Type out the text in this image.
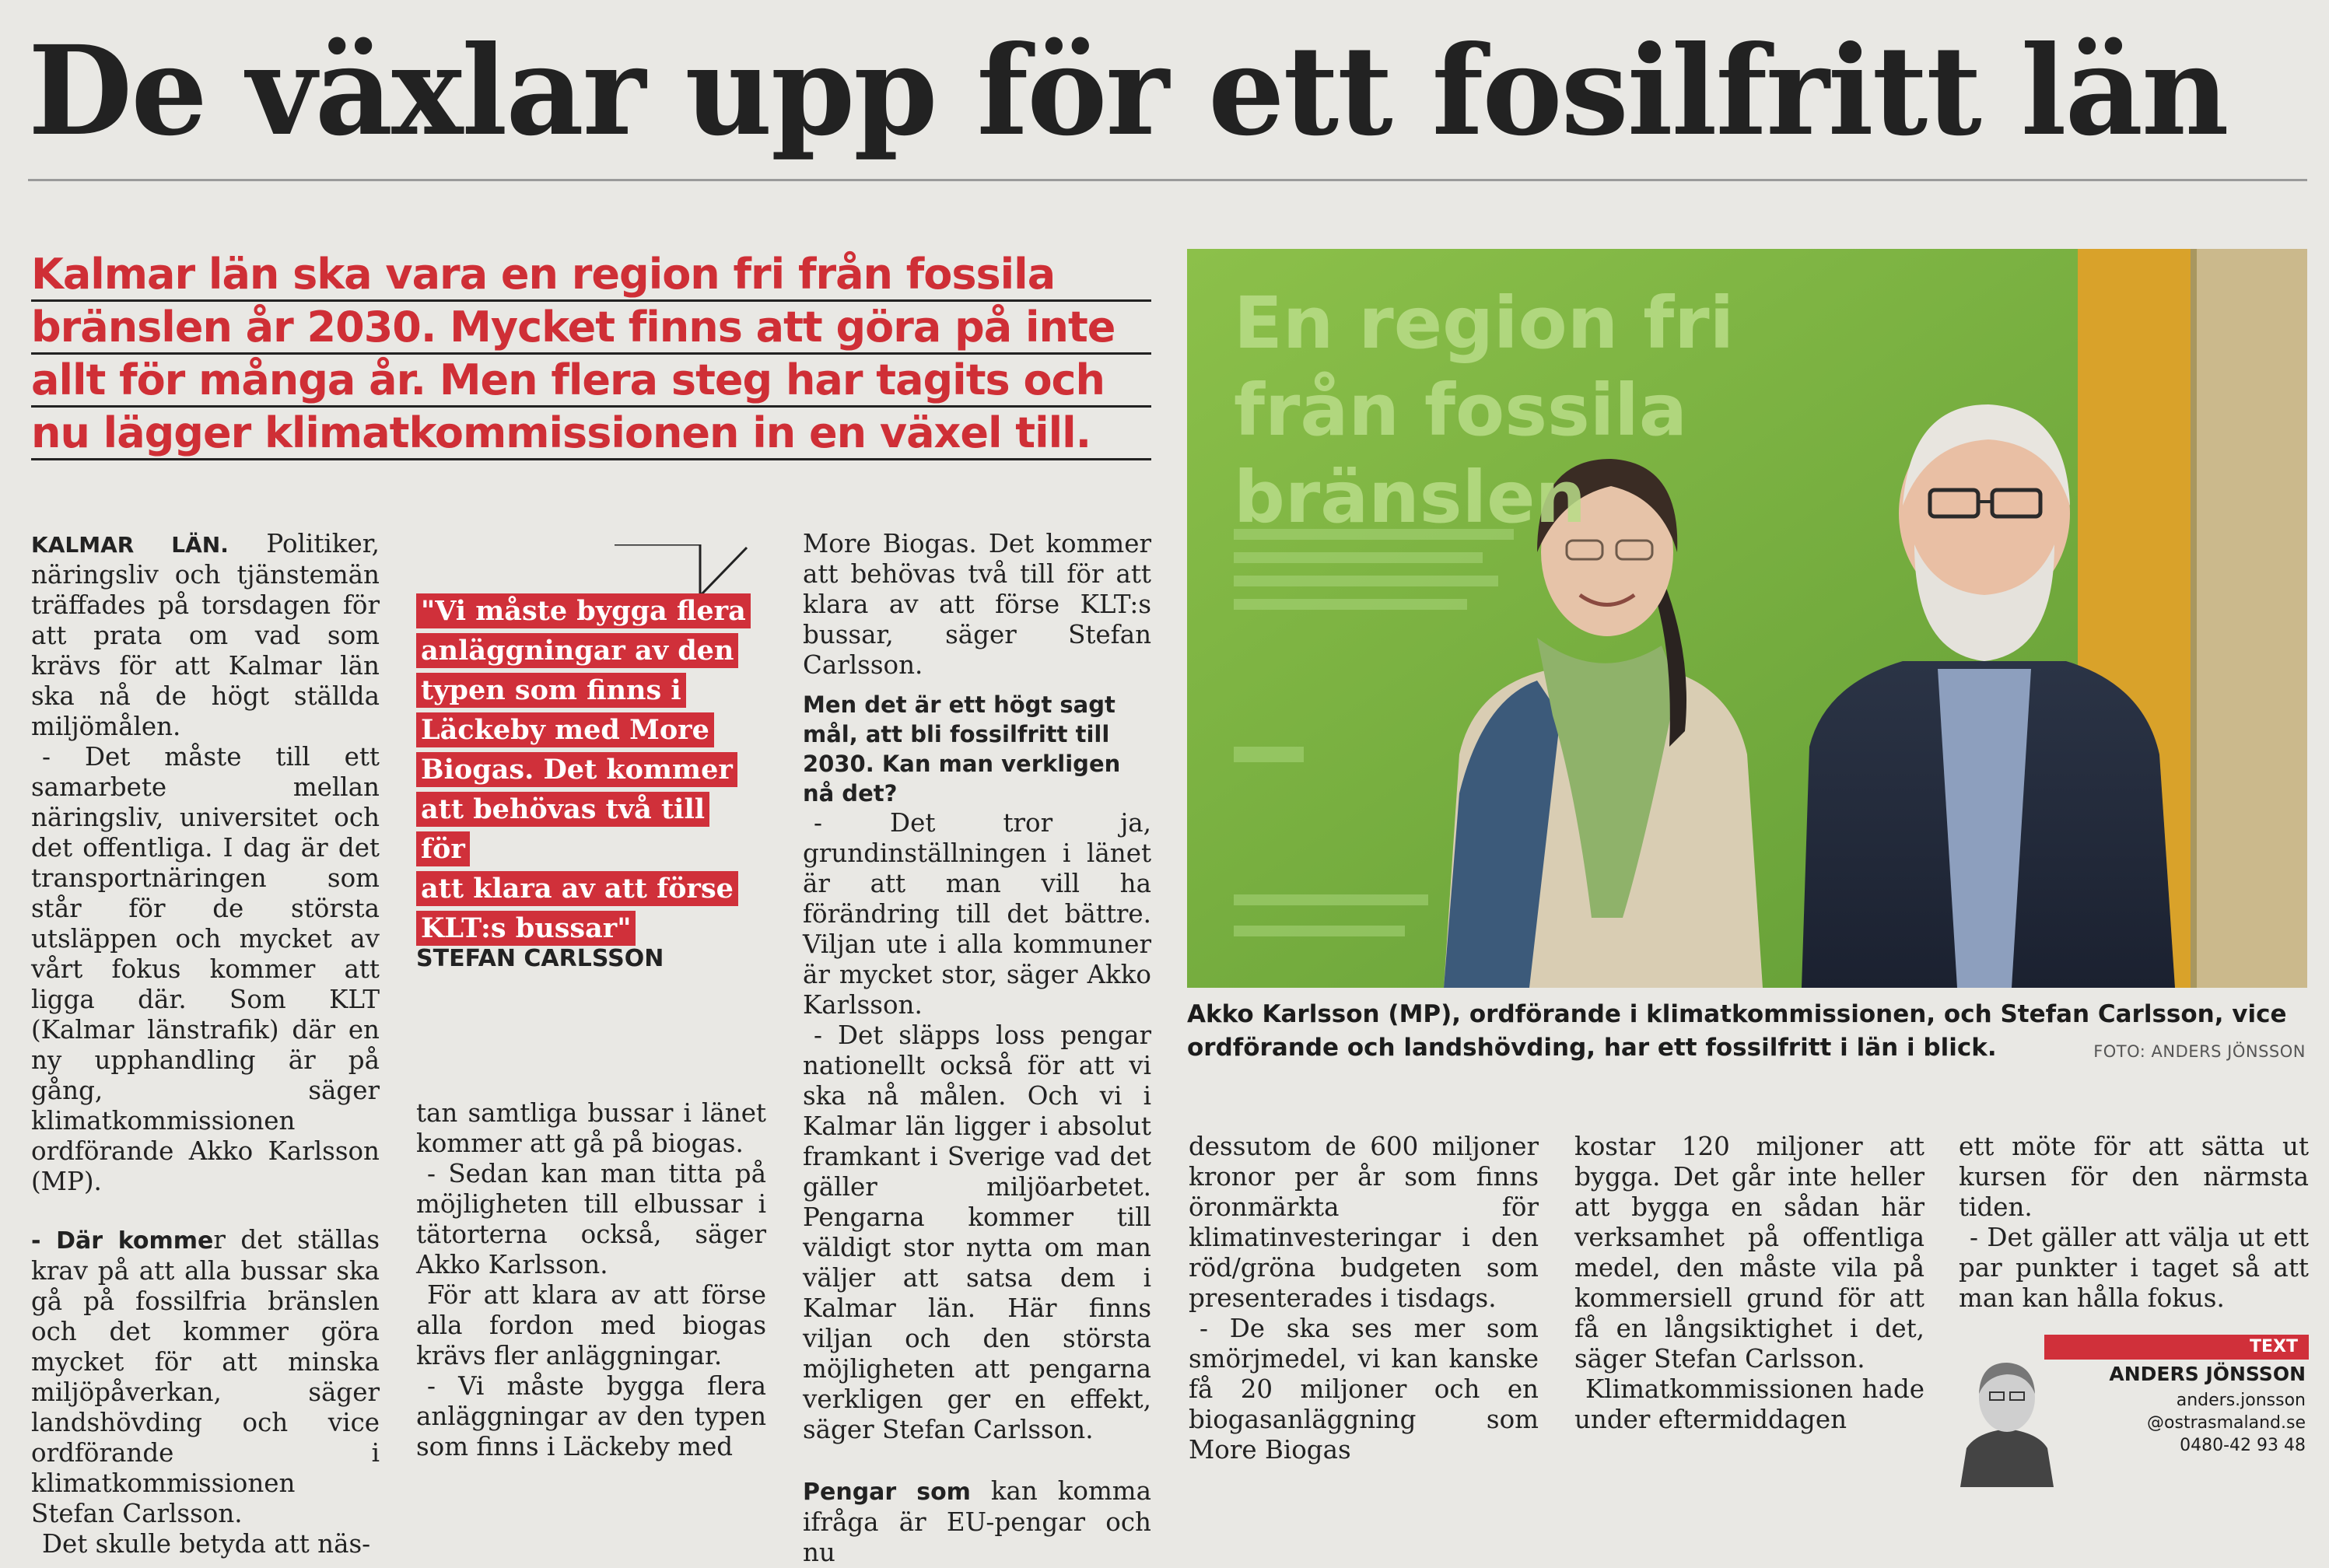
De växlar upp för ett fosilfritt län
Kalmar län ska vara en region fri från fossila
bränslen år 2030. Mycket finns att göra på inte
allt för många år. Men flera steg har tagits och
nu lägger klimatkommissionen in en växel till.

KALMAR LÄN. Politiker, näringsliv och tjänstemän träffades på torsdagen för att prata om vad som krävs för att Kalmar län ska nå de högt ställda miljömålen.

- Det måste till ett samarbete mellan näringsliv, universitet och det offentliga. I dag är det transportnäringen som står för de största utsläppen och mycket av vårt fokus kommer att ligga där. Som KLT (Kalmar länstrafik) där en ny upphandling är på gång, säger klimatkommissionen ordförande Akko Karlsson (MP).

- Där kommer det ställas krav på att alla bussar ska gå på fossilfria bränslen och det kommer göra mycket för att minska miljöpåverkan, säger landshövding och vice ordförande i klimatkommissionen Stefan Carlsson.

Det skulle betyda att näs-

"Vi måste bygga flera
anläggningar av den
typen som finns i
Läckeby med More
Biogas. Det kommer
att behövas två till för
att klara av att förse
KLT:s bussar"
STEFAN CARLSSON

tan samtliga bussar i länet kommer att gå på biogas.

- Sedan kan man titta på möjligheten till elbussar i tätorterna också, säger Akko Karlsson.

För att klara av att förse alla fordon med biogas krävs fler anläggningar.

- Vi måste bygga flera anläggningar av den typen som finns i Läckeby med

More Biogas. Det kommer att behövas två till för att klara av att förse KLT:s bussar, säger Stefan Carlsson.

Men det är ett högt sagt mål, att bli fossilfritt till 2030. Kan man verkligen nå det?

- Det tror ja, grundinställningen i länet är att man vill ha förändring till det bättre. Viljan ute i alla kommuner är mycket stor, säger Akko Karlsson.

- Det släpps loss pengar nationellt också för att vi ska nå målen. Och vi i Kalmar län ligger i absolut framkant i Sverige vad det gäller miljöarbetet. Pengarna kommer till väldigt stor nytta om man väljer att satsa dem i Kalmar län. Här finns viljan och den största möjligheten att pengarna verkligen ger en effekt, säger Stefan Carlsson.

Pengar som kan komma ifråga är EU-pengar och nu

En region fri
från fossila
bränslen
Akko Karlsson (MP), ordförande i klimatkommissionen, och Stefan Carlsson, vice ordförande och landshövding, har ett fossilfritt i län i blick.	FOTO: ANDERS JÖNSSON

dessutom de 600 miljoner kronor per år som finns öronmärkta för klimatinvesteringar i den röd/gröna budgeten som presenterades i tisdags.

- De ska ses mer som smörjmedel, vi kan kanske få 20 miljoner och en biogasanläggning som More Biogas

kostar 120 miljoner att bygga. Det går inte heller att bygga en sådan här verksamhet på offentliga medel, den måste vila på kommersiell grund för att få en långsiktighet i det, säger Stefan Carlsson.

Klimatkommissionen hade under eftermiddagen

ett möte för att sätta ut kursen för den närmsta tiden.

- Det gäller att välja ut ett par punkter i taget så att man kan hålla fokus.

TEXT
ANDERS JÖNSSON
anders.jonsson
@ostrasmaland.se
0480-42 93 48
